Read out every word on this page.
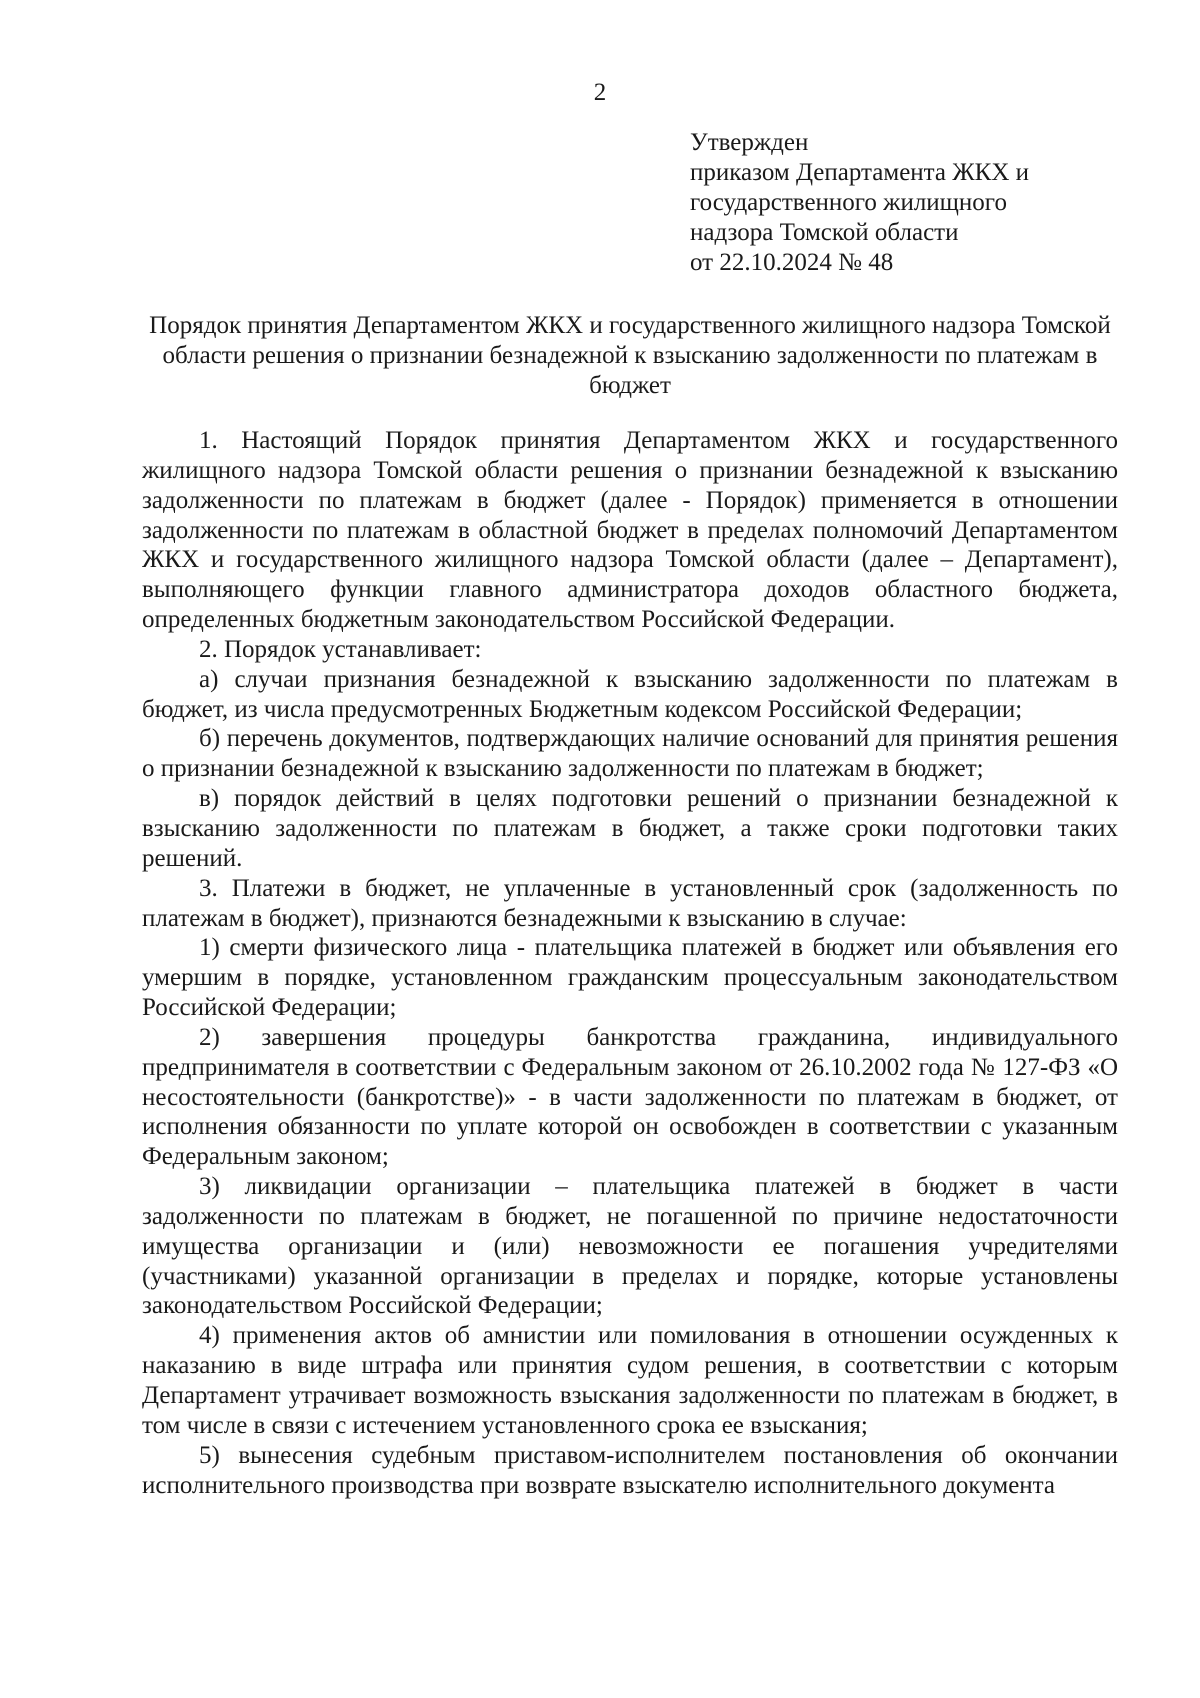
2
Утвержден
приказом Департамента ЖКХ и
государственного жилищного
надзора Томской области
от 22.10.2024 № 48
Порядок принятия Департаментом ЖКХ и государственного жилищного надзора Томской области решения о признании безнадежной к взысканию задолженности по платежам в бюджет

1. Настоящий Порядок принятия Департаментом ЖКХ и государственного жилищного надзора Томской области решения о признании безнадежной к взысканию задолженности по платежам в бюджет (далее - Порядок) применяется в отношении задолженности по платежам в областной бюджет в пределах полномочий Департаментом ЖКХ и государственного жилищного надзора Томской области (далее – Департамент), выполняющего функции главного администратора доходов областного бюджета, определенных бюджетным законодательством Российской Федерации.

2. Порядок устанавливает:

а) случаи признания безнадежной к взысканию задолженности по платежам в бюджет, из числа предусмотренных Бюджетным кодексом Российской Федерации;

б) перечень документов, подтверждающих наличие оснований для принятия решения о признании безнадежной к взысканию задолженности по платежам в бюджет;

в) порядок действий в целях подготовки решений о признании безнадежной к взысканию задолженности по платежам в бюджет, а также сроки подготовки таких решений.

3. Платежи в бюджет, не уплаченные в установленный срок (задолженность по платежам в бюджет), признаются безнадежными к взысканию в случае:

1) смерти физического лица - плательщика платежей в бюджет или объявления его умершим в порядке, установленном гражданским процессуальным законодательством Российской Федерации;

2) завершения процедуры банкротства гражданина, индивидуального предпринимателя в соответствии с Федеральным законом от 26.10.2002 года № 127-ФЗ «О несостоятельности (банкротстве)» - в части задолженности по платежам в бюджет, от исполнения обязанности по уплате которой он освобожден в соответствии с указанным Федеральным законом;

3) ликвидации организации – плательщика платежей в бюджет в части задолженности по платежам в бюджет, не погашенной по причине недостаточности имущества организации и (или) невозможности ее погашения учредителями (участниками) указанной организации в пределах и порядке, которые установлены законодательством Российской Федерации;

4) применения актов об амнистии или помилования в отношении осужденных к наказанию в виде штрафа или принятия судом решения, в соответствии с которым Департамент утрачивает возможность взыскания задолженности по платежам в бюджет, в том числе в связи с истечением установленного срока ее взыскания;

5) вынесения судебным приставом-исполнителем постановления об окончании исполнительного производства при возврате взыскателю исполнительного документа
